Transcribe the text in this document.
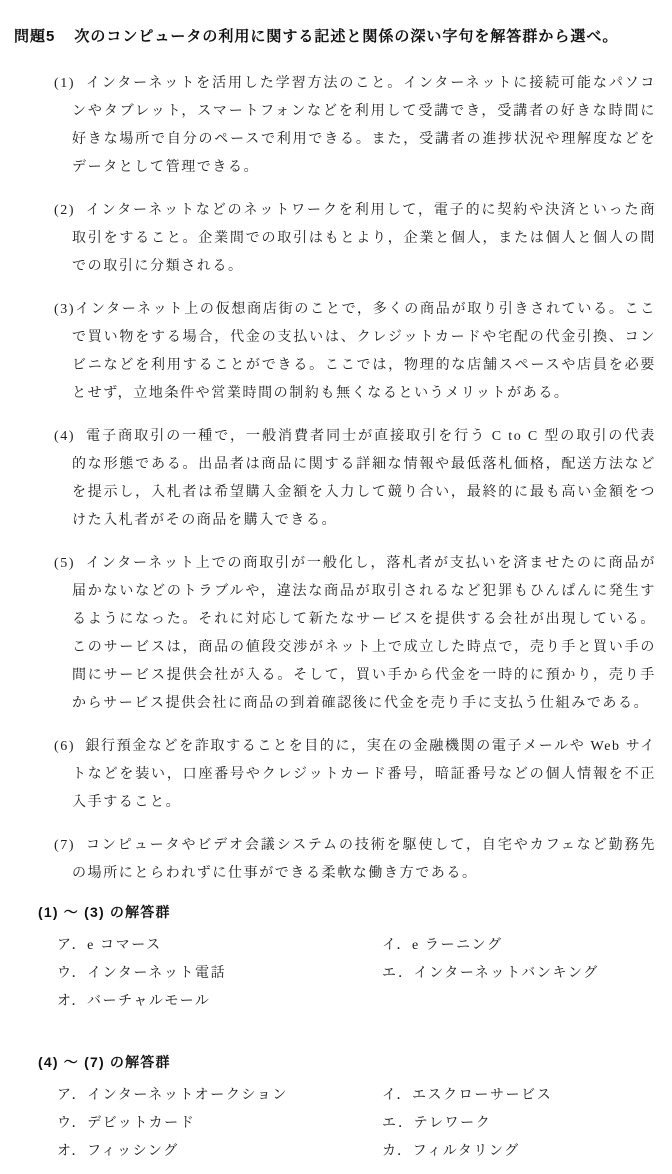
問題5 次のコンピュータの利用に関する記述と関係の深い字句を解答群から選べ。

(1)  インターネットを活用した学習方法のこと。インターネットに接続可能なパソコンやタブレット，スマートフォンなどを利用して受講でき，受講者の好きな時間に好きな場所で自分のペースで利用できる。また，受講者の進捗状況や理解度などをデータとして管理できる。

(2)  インターネットなどのネットワークを利用して，電子的に契約や決済といった商取引をすること。企業間での取引はもとより，企業と個人，または個人と個人の間での取引に分類される。

(3)インターネット上の仮想商店街のことで，多くの商品が取り引きされている。ここで買い物をする場合，代金の支払いは、クレジットカードや宅配の代金引換、コンビニなどを利用することができる。ここでは，物理的な店舗スペースや店員を必要とせず，立地条件や営業時間の制約も無くなるというメリットがある。

(4)  電子商取引の一種で，一般消費者同士が直接取引を行う C to C 型の取引の代表的な形態である。出品者は商品に関する詳細な情報や最低落札価格，配送方法などを提示し，入札者は希望購入金額を入力して競り合い，最終的に最も高い金額をつけた入札者がその商品を購入できる。

(5)  インターネット上での商取引が一般化し，落札者が支払いを済ませたのに商品が届かないなどのトラブルや，違法な商品が取引されるなど犯罪もひんぱんに発生するようになった。それに対応して新たなサービスを提供する会社が出現している。このサービスは，商品の値段交渉がネット上で成立した時点で，売り手と買い手の間にサービス提供会社が入る。そして，買い手から代金を一時的に預かり，売り手からサービス提供会社に商品の到着確認後に代金を売り手に支払う仕組みである。

(6)  銀行預金などを詐取することを目的に，実在の金融機関の電子メールや Web サイトなどを装い，口座番号やクレジットカード番号，暗証番号などの個人情報を不正入手すること。

(7)  コンピュータやビデオ会議システムの技術を駆使して，自宅やカフェなど勤務先の場所にとらわれずに仕事ができる柔軟な働き方である。

(1) ～ (3) の解答群
ア．e コマース	イ．e ラーニング
ウ．インターネット電話	エ．インターネットバンキング
オ．バーチャルモール
(4) ～ (7) の解答群
ア．インターネットオークション	イ．エスクローサービス
ウ．デビットカード	エ．テレワーク
オ．フィッシング	カ．フィルタリング
